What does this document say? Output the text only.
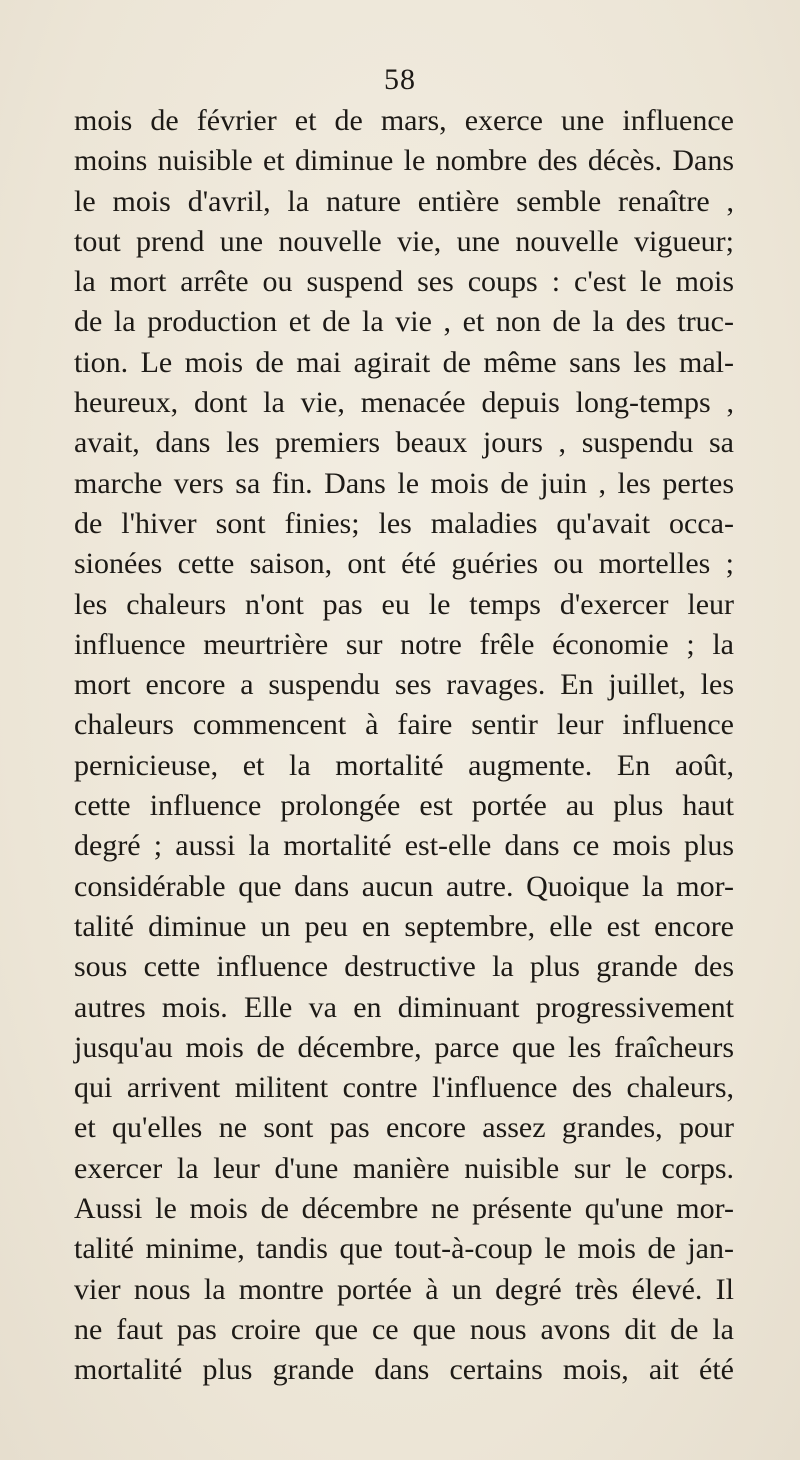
58
mois de février et de mars, exerce une influence
moins nuisible et diminue le nombre des décès. Dans
le mois d'avril, la nature entière semble renaître ,
tout prend une nouvelle vie, une nouvelle vigueur;
la mort arrête ou suspend ses coups : c'est le mois
de la production et de la vie , et non de la des truc-
tion. Le mois de mai agirait de même sans les mal-
heureux, dont la vie, menacée depuis long-temps ,
avait, dans les premiers beaux jours , suspendu sa
marche vers sa fin. Dans le mois de juin , les pertes
de l'hiver sont finies; les maladies qu'avait occa-
sionées cette saison, ont été guéries ou mortelles ;
les chaleurs n'ont pas eu le temps d'exercer leur
influence meurtrière sur notre frêle économie ; la
mort encore a suspendu ses ravages. En juillet, les
chaleurs commencent à faire sentir leur influence
pernicieuse, et la mortalité augmente. En août,
cette influence prolongée est portée au plus haut
degré ; aussi la mortalité est-elle dans ce mois plus
considérable que dans aucun autre. Quoique la mor-
talité diminue un peu en septembre, elle est encore
sous cette influence destructive la plus grande des
autres mois. Elle va en diminuant progressivement
jusqu'au mois de décembre, parce que les fraîcheurs
qui arrivent militent contre l'influence des chaleurs,
et qu'elles ne sont pas encore assez grandes, pour
exercer la leur d'une manière nuisible sur le corps.
Aussi le mois de décembre ne présente qu'une mor-
talité minime, tandis que tout-à-coup le mois de jan-
vier nous la montre portée à un degré très élevé. Il
ne faut pas croire que ce que nous avons dit de la
mortalité plus grande dans certains mois, ait été
